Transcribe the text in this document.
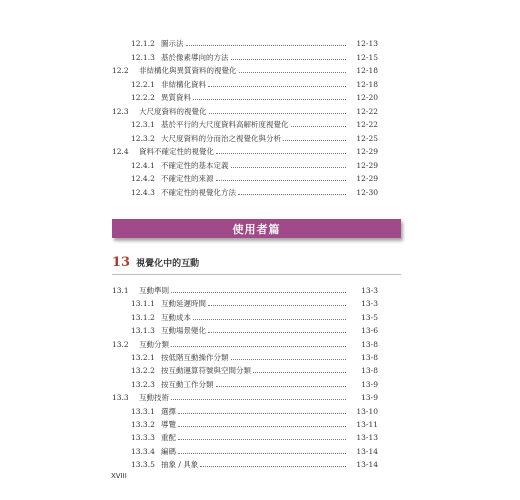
12.1.2 圖示法	12-13
12.1.3 基於像素導向的方法	12-15
12.2	非結構化與異質資料的視覺化	12-18
12.2.1 非結構化資料	12-18
12.2.2 異質資料	12-20
12.3	大尺度資料的視覺化	12-22
12.3.1 基於平行的大尺度資料高解析度視覺化	12-22
12.3.2 大尺度資料的分而治之視覺化與分析	12-25
12.4	資料不確定性的視覺化	12-29
12.4.1 不確定性的基本定義	12-29
12.4.2 不確定性的來源	12-29
12.4.3 不確定性的視覺化方法	12-30
使用者篇
13 視覺化中的互動
13.1	互動準則	13-3
13.1.1 互動延遲時間	13-3
13.1.2 互動成本	13-5
13.1.3 互動場景變化	13-6
13.2	互動分類	13-8
13.2.1 按低階互動操作分類	13-8
13.2.2 按互動運算符號與空間分類	13-8
13.2.3 按互動工作分類	13-9
13.3	互動技術	13-9
13.3.1 選擇	13-10
13.3.2 導覽	13-11
13.3.3 重配	13-13
13.3.4 編碼	13-14
13.3.5 抽象 / 具象	13-14
XVIII
